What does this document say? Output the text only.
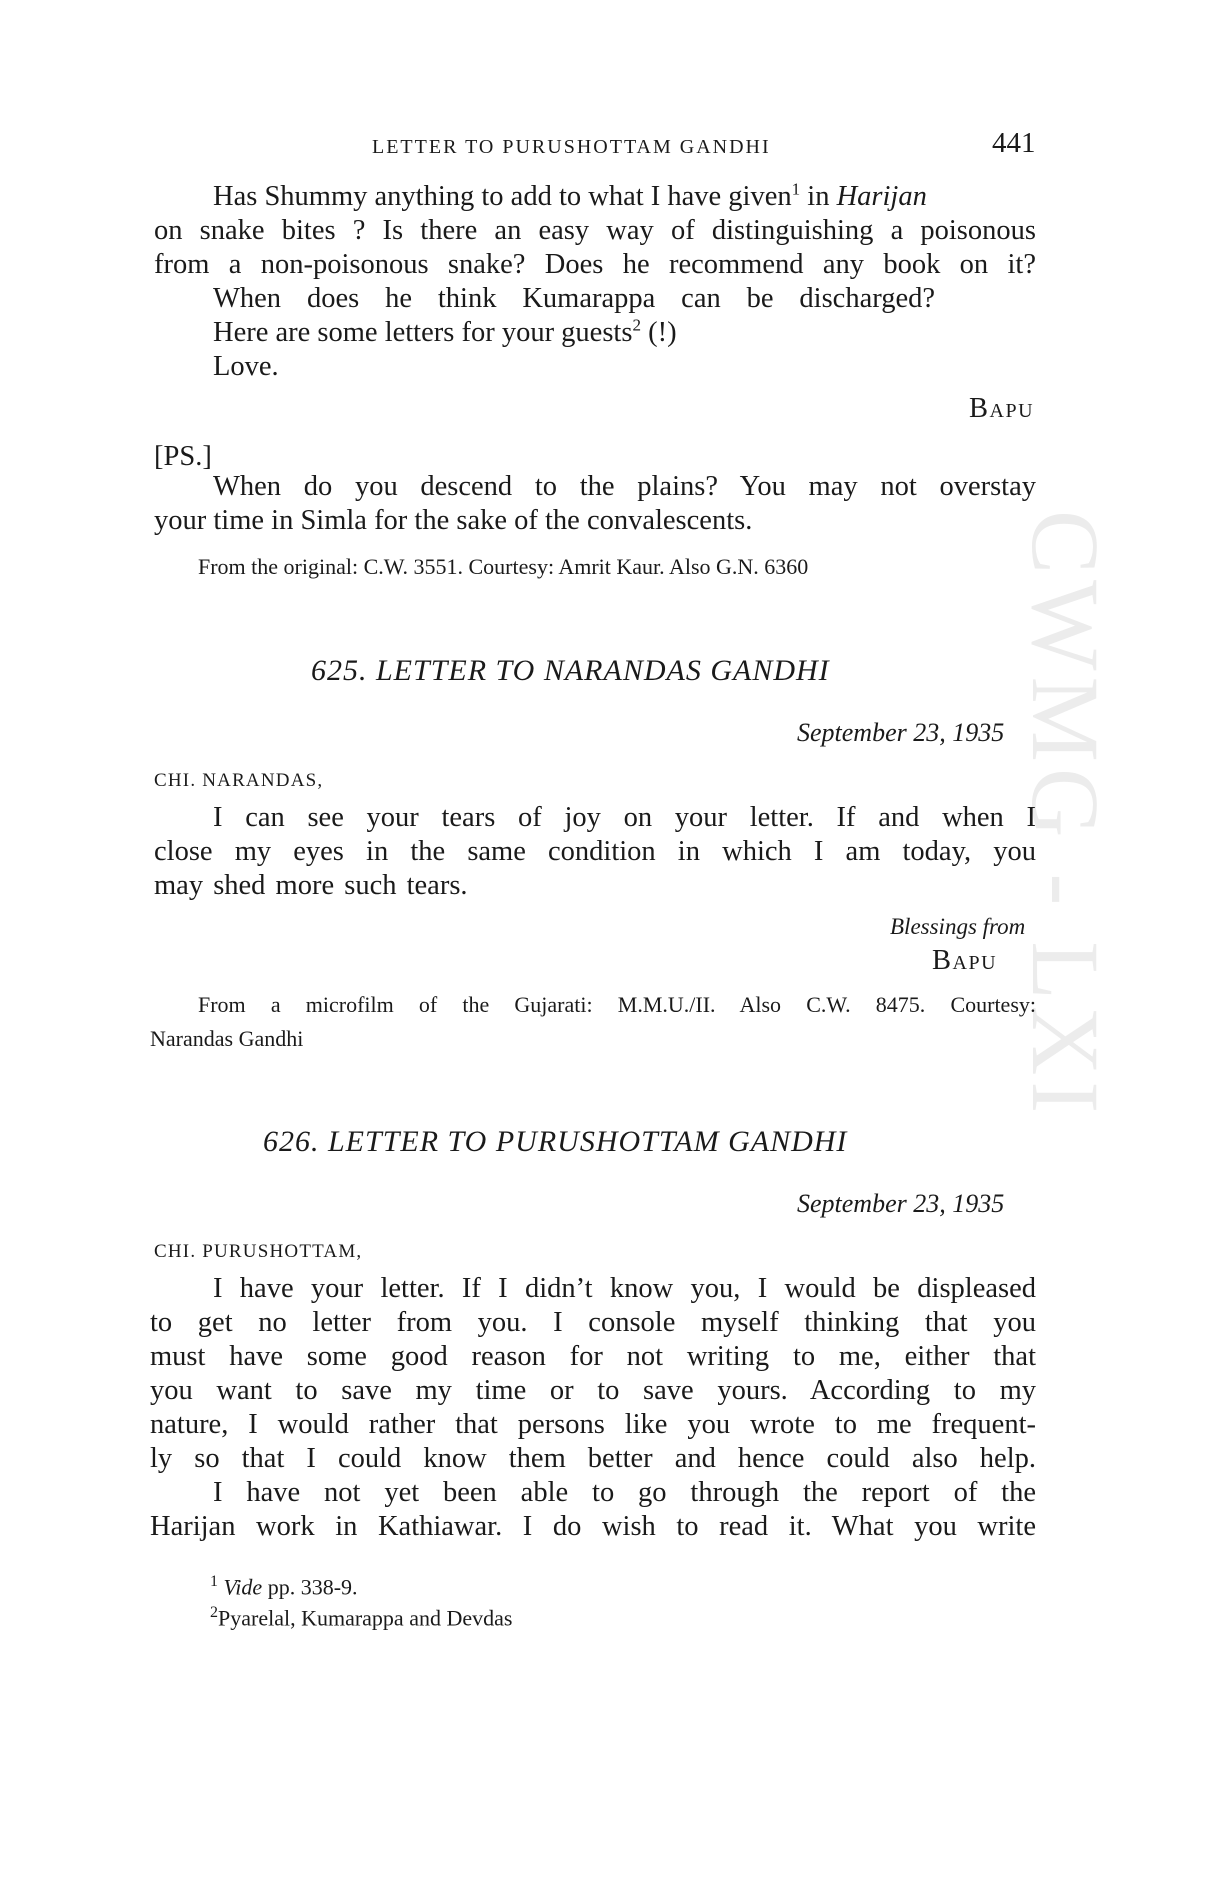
CWMG - LXI
LETTER TO PURUSHOTTAM GANDHI	441
Has Shummy anything to add to what I have given$^1$ in Harijan
on snake bites ? Is there an easy way of distinguishing a poisonous
from a non-poisonous snake? Does he recommend any book on it?
When does he think Kumarappa can be discharged?
Here are some letters for your guests$^2$ (!)
Love.
Bapu
[PS.]
When do you descend to the plains? You may not overstay
your time in Simla for the sake of the convalescents.
From the original: C.W. 3551. Courtesy: Amrit Kaur. Also G.N. 6360
625. LETTER TO NARANDAS GANDHI
September 23, 1935
CHI. NARANDAS,
I can see your tears of joy on your letter. If and when I
close my eyes in the same condition in which I am today, you
may shed more such tears.
Blessings from
Bapu
From a microfilm of the Gujarati: M.M.U./II. Also C.W. 8475. Courtesy:
Narandas Gandhi
626. LETTER TO PURUSHOTTAM GANDHI
September 23, 1935
CHI. PURUSHOTTAM,
I have your letter. If I didn’t know you, I would be displeased
to get no letter from you. I console myself thinking that you
must have some good reason for not writing to me, either that
you want to save my time or to save yours. According to my
nature, I would rather that persons like you wrote to me frequent-
ly so that I could know them better and hence could also help.
I have not yet been able to go through the report of the
Harijan work in Kathiawar. I do wish to read it. What you write
$^1$ Vide pp. 338-9.
$^2$Pyarelal, Kumarappa and Devdas
